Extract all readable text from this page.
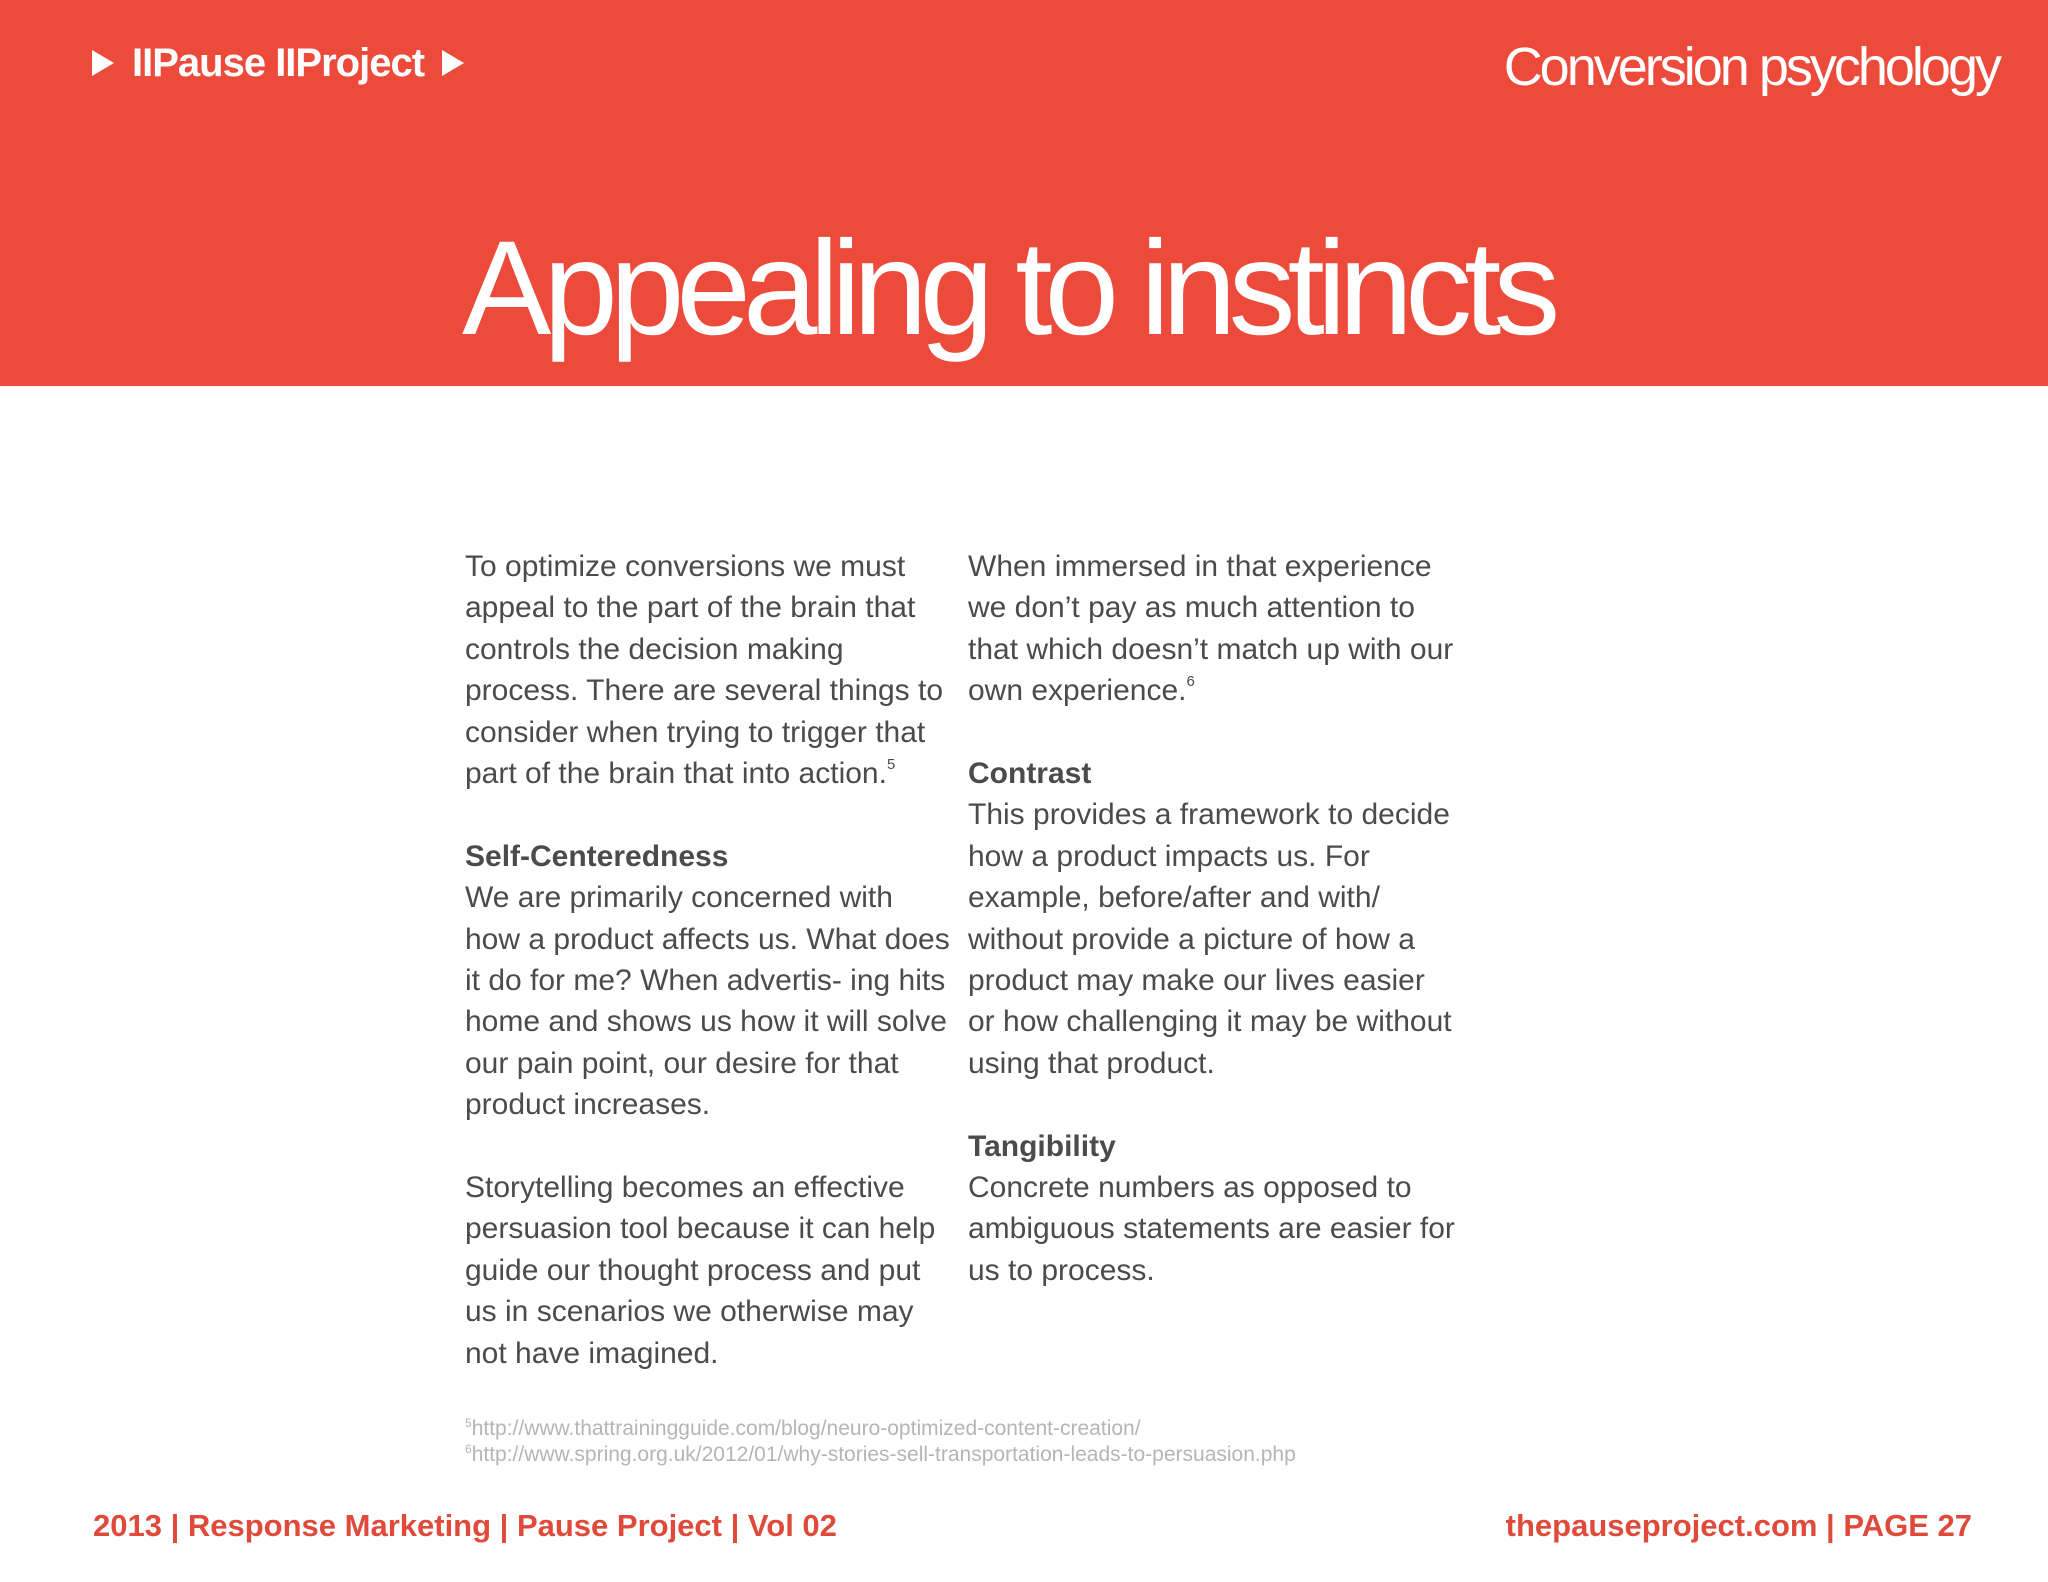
IIPause IIProject	Conversion psychology
Appealing to instincts

To optimize conversions we must appeal to the part of the brain that controls the decision making process. There are several things to consider when trying to trigger that part of the brain that into action.$^5$

Self-Centeredness

We are primarily concerned with how a product affects us. What does it do for me? When advertis- ing hits home and shows us how it will solve our pain point, our desire for that product increases.

Storytelling becomes an effective persuasion tool because it can help guide our thought process and put us in scenarios we otherwise may not have imagined.

When immersed in that experience we don’t pay as much attention to that which doesn’t match up with our own experience.$^6$

Contrast

This provides a framework to decide how a product impacts us. For example, before/after and with/ without provide a picture of how a product may make our lives easier or how challenging it may be without using that product.

Tangibility

Concrete numbers as opposed to ambiguous statements are easier for us to process.

$^5$http://www.thattrainingguide.com/blog/neuro-optimized-content-creation/
$^6$http://www.spring.org.uk/2012/01/why-stories-sell-transportation-leads-to-persuasion.php
2013 | Response Marketing | Pause Project | Vol 02	thepauseproject.com | PAGE 27
